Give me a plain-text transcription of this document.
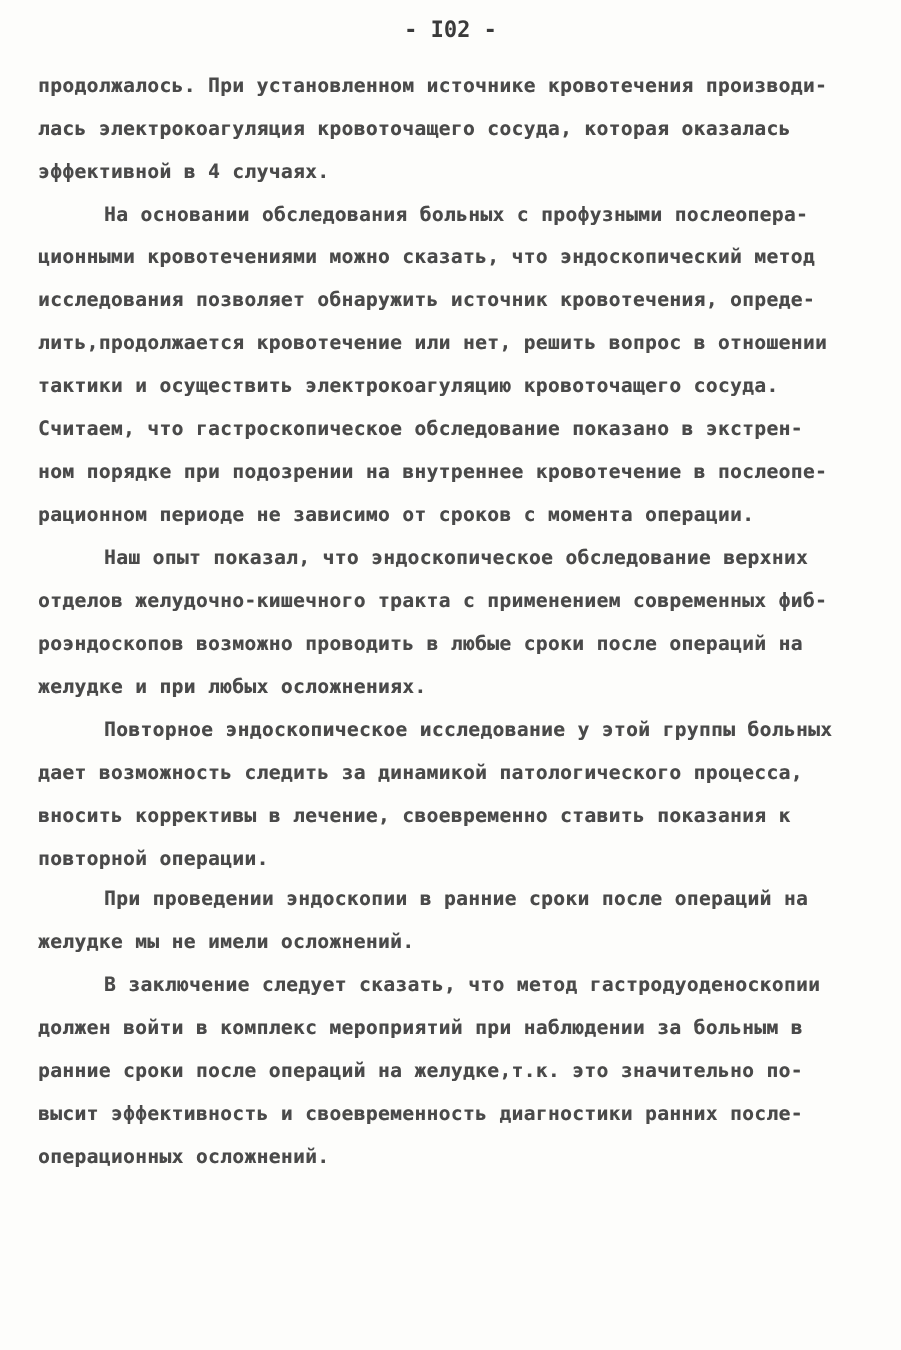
- I02 -
продолжалось. При установленном источнике кровотечения производи-
лась электрокоагуляция кровоточащего сосуда, которая оказалась
эффективной в 4 случаях.
На основании обследования больных с профузными послеопера-
ционными кровотечениями можно сказать, что эндоскопический метод
исследования позволяет обнаружить источник кровотечения, опреде-
лить,продолжается кровотечение или нет, решить вопрос в отношении
тактики и осуществить электрокоагуляцию кровоточащего сосуда.
Считаем, что гастроскопическое обследование показано в экстрен-
ном порядке при подозрении на внутреннее кровотечение в послеопе-
рационном периоде не зависимо от сроков с момента операции.
Наш опыт показал, что эндоскопическое обследование верхних
отделов желудочно-кишечного тракта с применением современных фиб-
роэндоскопов возможно проводить в любые сроки после операций на
желудке и при любых осложнениях.
Повторное эндоскопическое исследование у этой группы больных
дает возможность следить за динамикой патологического процесса,
вносить коррективы в лечение, своевременно ставить показания к
повторной операции.
При проведении эндоскопии в ранние сроки после операций на
желудке мы не имели осложнений.
В заключение следует сказать, что метод гастродуоденоскопии
должен войти в комплекс мероприятий при наблюдении за больным в
ранние сроки после операций на желудке,т.к. это значительно по-
высит эффективность и своевременность диагностики ранних после-
операционных осложнений.
